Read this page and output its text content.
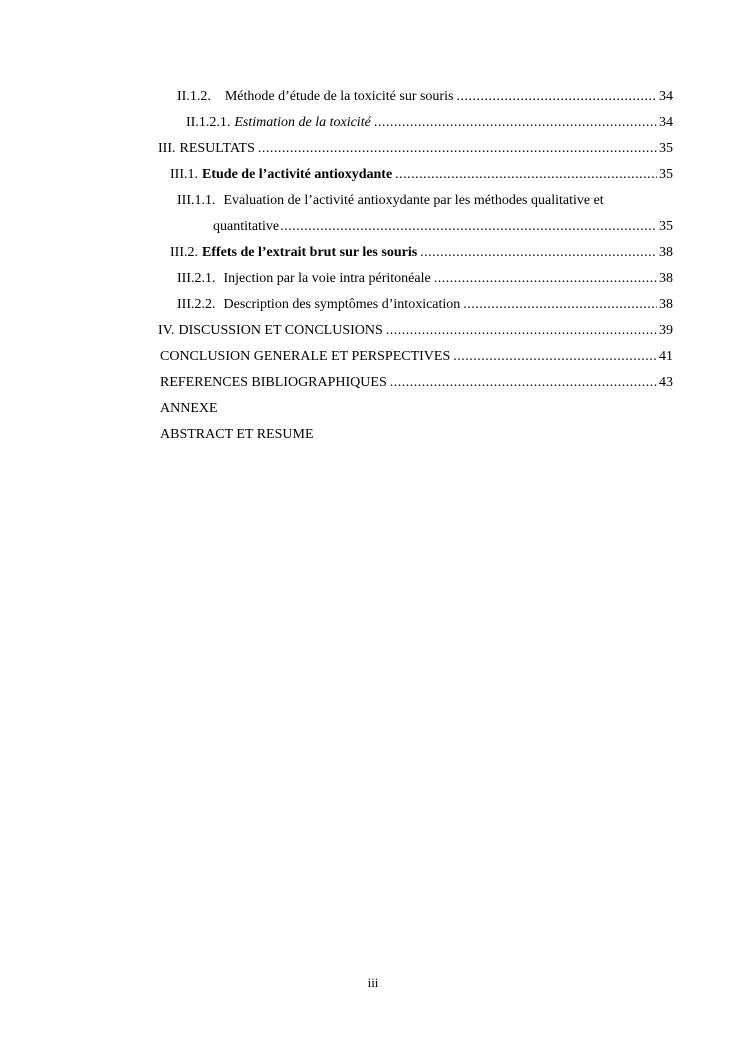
II.1.2. Méthode d’étude de la toxicité sur souris .....	34
II.1.2.1. Estimation de la toxicité .....	34
III. RESULTATS .....	35
III.1. Etude de l’activité antioxydante .....	35
III.1.1. Evaluation de l’activité antioxydante par les méthodes qualitative et
quantitative .....	35
III.2. Effets de l’extrait brut sur les souris .....	38
III.2.1. Injection par la voie intra péritonéale .....	38
III.2.2. Description des symptômes d’intoxication .....	38
IV. DISCUSSION ET CONCLUSIONS .....	39
CONCLUSION GENERALE ET PERSPECTIVES .....	41
REFERENCES BIBLIOGRAPHIQUES .....	43
ANNEXE
ABSTRACT ET RESUME
iii
